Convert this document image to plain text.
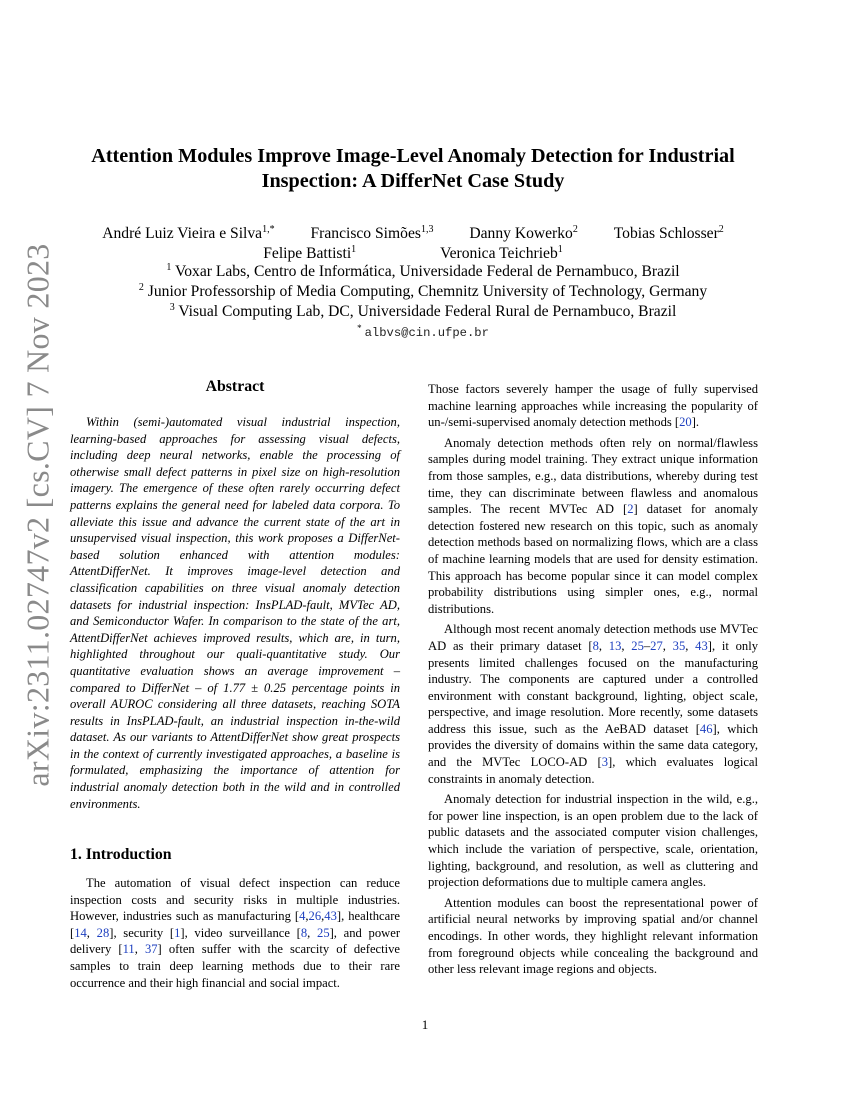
arXiv:2311.02747v2 [cs.CV] 7 Nov 2023
Attention Modules Improve Image-Level Anomaly Detection for Industrial
Inspection: A DifferNet Case Study
André Luiz Vieira e Silva$^{1,*}$ Francisco Simões$^{1,3}$ Danny Kowerko$^2$ Tobias Schlosser$^2$
Felipe Battisti$^1$	Veronica Teichrieb$^1$
$^1$ Voxar Labs, Centro de Informática, Universidade Federal de Pernambuco, Brazil
$^2$ Junior Professorship of Media Computing, Chemnitz University of Technology, Germany
$^3$ Visual Computing Lab, DC, Universidade Federal Rural de Pernambuco, Brazil
* albvs@cin.ufpe.br
Abstract

Within (semi-)automated visual industrial inspection, learning-based approaches for assessing visual defects, including deep neural networks, enable the processing of otherwise small defect patterns in pixel size on high-resolution imagery. The emergence of these often rarely occurring defect patterns explains the general need for labeled data corpora. To alleviate this issue and advance the current state of the art in unsupervised visual inspection, this work proposes a DifferNet-based solution enhanced with attention modules: AttentDifferNet. It improves image-level detection and classification capabilities on three visual anomaly detection datasets for industrial inspection: InsPLAD-fault, MVTec AD, and Semiconductor Wafer. In comparison to the state of the art, AttentDifferNet achieves improved results, which are, in turn, highlighted throughout our quali-quantitative study. Our quantitative evaluation shows an average improvement – compared to DifferNet – of 1.77 ± 0.25 percentage points in overall AUROC considering all three datasets, reaching SOTA results in InsPLAD-fault, an industrial inspection in-the-wild dataset. As our variants to AttentDifferNet show great prospects in the context of currently investigated approaches, a baseline is formulated, emphasizing the importance of attention for industrial anomaly detection both in the wild and in controlled environments.

1. Introduction

The automation of visual defect inspection can reduce inspection costs and security risks in multiple industries. However, industries such as manufacturing [4,26,43], healthcare [14, 28], security [1], video surveillance [8, 25], and power delivery [11, 37] often suffer with the scarcity of defective samples to train deep learning methods due to their rare occurrence and their high financial and social impact.

Those factors severely hamper the usage of fully supervised machine learning approaches while increasing the popularity of un-/semi-supervised anomaly detection methods [20].

Anomaly detection methods often rely on normal/flawless samples during model training. They extract unique information from those samples, e.g., data distributions, whereby during test time, they can discriminate between flawless and anomalous samples. The recent MVTec AD [2] dataset for anomaly detection fostered new research on this topic, such as anomaly detection methods based on normalizing flows, which are a class of machine learning models that are used for density estimation. This approach has become popular since it can model complex probability distributions using simpler ones, e.g., normal distributions.

Although most recent anomaly detection methods use MVTec AD as their primary dataset [8, 13, 25–27, 35, 43], it only presents limited challenges focused on the manufacturing industry. The components are captured under a controlled environment with constant background, lighting, object scale, perspective, and image resolution. More recently, some datasets address this issue, such as the AeBAD dataset [46], which provides the diversity of domains within the same data category, and the MVTec LOCO-AD [3], which evaluates logical constraints in anomaly detection.

Anomaly detection for industrial inspection in the wild, e.g., for power line inspection, is an open problem due to the lack of public datasets and the associated computer vision challenges, which include the variation of perspective, scale, orientation, lighting, background, and resolution, as well as cluttering and projection deformations due to multiple camera angles.

Attention modules can boost the representational power of artificial neural networks by improving spatial and/or channel encodings. In other words, they highlight relevant information from foreground objects while concealing the background and other less relevant image regions and objects.

1
